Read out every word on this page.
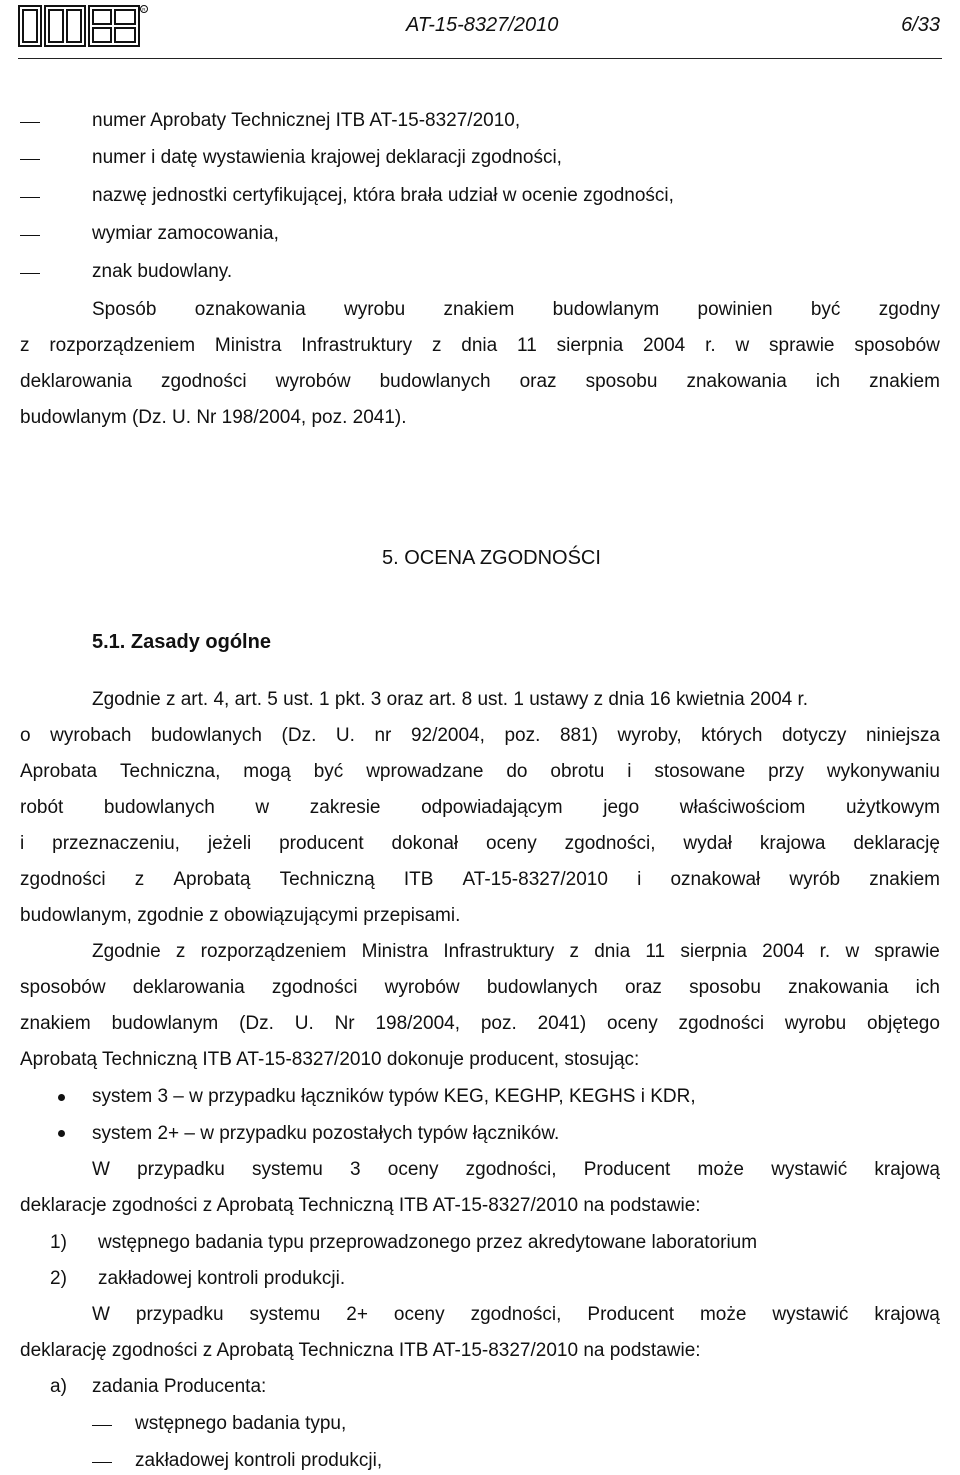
R
AT-15-8327/2010	6/33
numer Aprobaty Technicznej ITB AT-15-8327/2010,
numer i datę wystawienia krajowej deklaracji zgodności,
nazwę jednostki certyfikującej, która brała udział w ocenie zgodności,
wymiar zamocowania,
znak budowlany.
Sposób oznakowania wyrobu znakiem budowlanym powinien być zgodny
z rozporządzeniem Ministra Infrastruktury z dnia 11 sierpnia 2004 r. w sprawie sposobów
deklarowania zgodności wyrobów budowlanych oraz sposobu znakowania ich znakiem
budowlanym (Dz. U. Nr 198/2004, poz. 2041).
5. OCENA ZGODNOŚCI
5.1. Zasady ogólne
Zgodnie z art. 4, art. 5 ust. 1 pkt. 3 oraz art. 8 ust. 1 ustawy z dnia 16 kwietnia 2004 r.
o wyrobach budowlanych (Dz. U. nr 92/2004, poz. 881) wyroby, których dotyczy niniejsza
Aprobata Techniczna, mogą być wprowadzane do obrotu i stosowane przy wykonywaniu
robót budowlanych w zakresie odpowiadającym jego właściwościom użytkowym
i przeznaczeniu, jeżeli producent dokonał oceny zgodności, wydał krajowa deklarację
zgodności z Aprobatą Techniczną ITB AT-15-8327/2010 i oznakował wyrób znakiem
budowlanym, zgodnie z obowiązującymi przepisami.
Zgodnie z rozporządzeniem Ministra Infrastruktury z dnia 11 sierpnia 2004 r. w sprawie
sposobów deklarowania zgodności wyrobów budowlanych oraz sposobu znakowania ich
znakiem budowlanym (Dz. U. Nr 198/2004, poz. 2041) oceny zgodności wyrobu objętego
Aprobatą Techniczną ITB AT-15-8327/2010 dokonuje producent, stosując:
system 3 – w przypadku łączników typów KEG, KEGHP, KEGHS i KDR,
system 2+ – w przypadku pozostałych typów łączników.
W przypadku systemu 3 oceny zgodności, Producent może wystawić krajową
deklaracje zgodności z Aprobatą Techniczną ITB AT-15-8327/2010 na podstawie:
1) wstępnego badania typu przeprowadzonego przez akredytowane laboratorium
2) zakładowej kontroli produkcji.
W przypadku systemu 2+ oceny zgodności, Producent może wystawić krajową
deklarację zgodności z Aprobatą Techniczna ITB AT-15-8327/2010 na podstawie:
a) zadania Producenta:
wstępnego badania typu,
zakładowej kontroli produkcji,
